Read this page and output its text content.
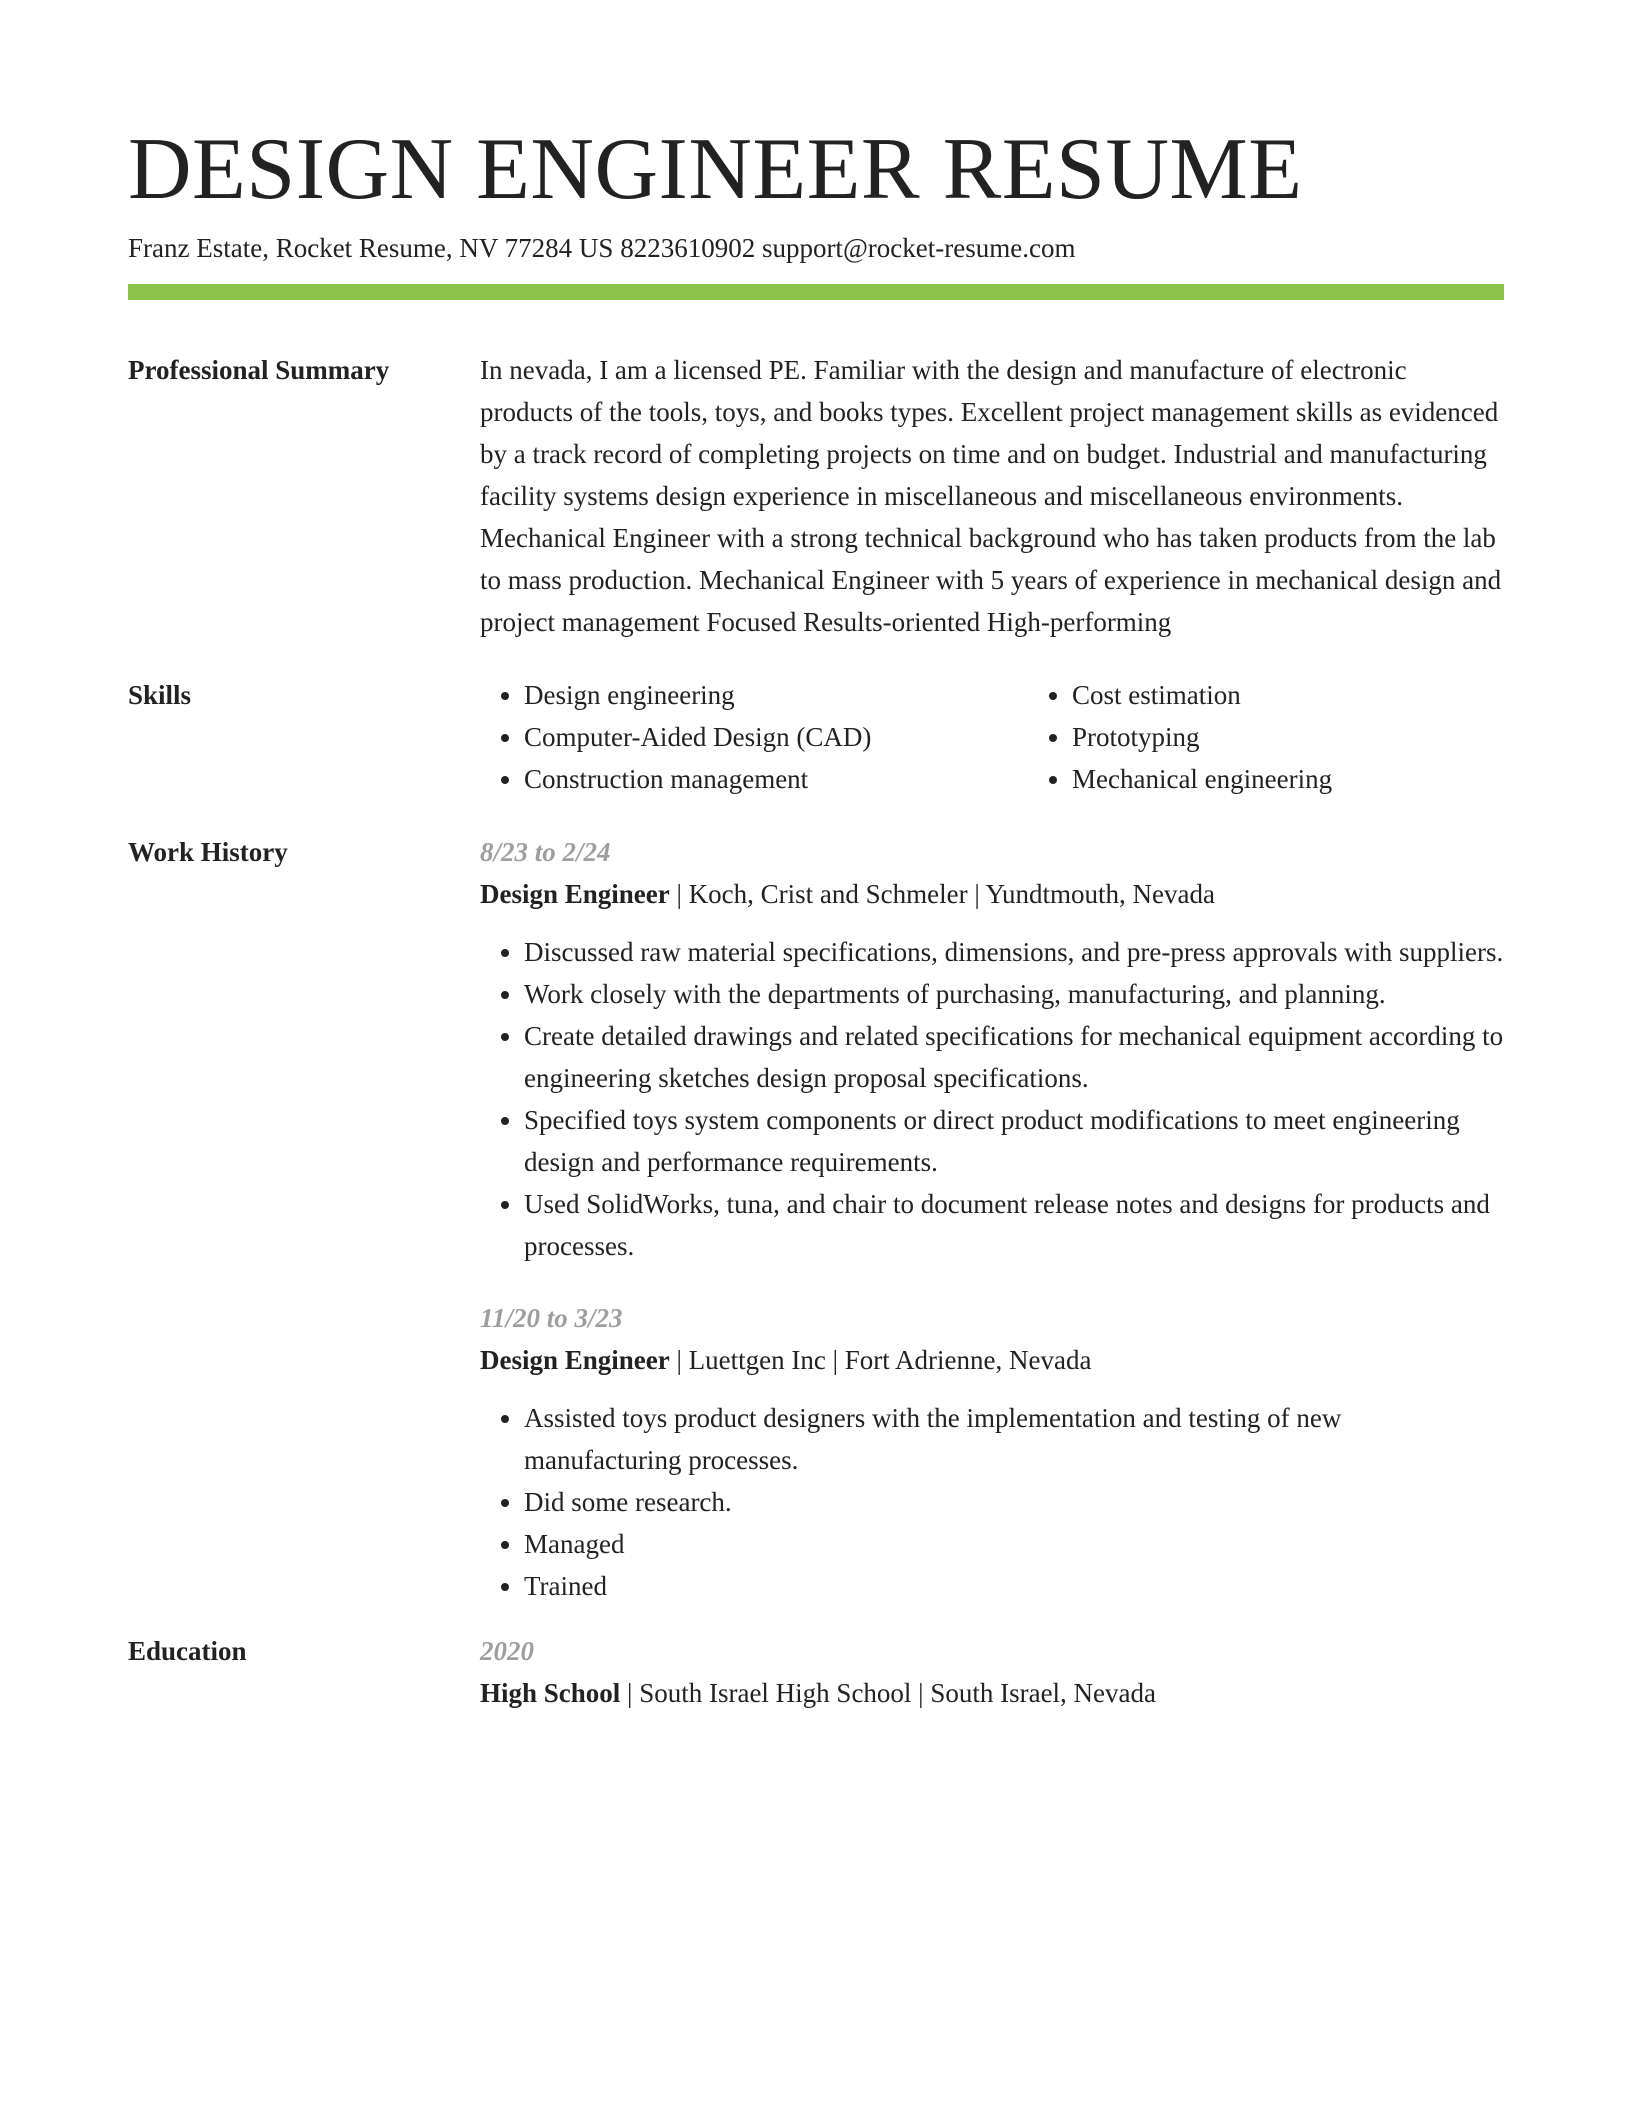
DESIGN ENGINEER RESUME
Franz Estate, Rocket Resume, NV 77284 US 8223610902 support@rocket-resume.com
Professional Summary	In nevada, I am a licensed PE. Familiar with the design and manufacture of electronic products of the tools, toys, and books types. Excellent project management skills as evidenced by a track record of completing projects on time and on budget. Industrial and manufacturing facility systems design experience in miscellaneous and miscellaneous environments. Mechanical Engineer with a strong technical background who has taken products from the lab to mass production. Mechanical Engineer with 5 years of experience in mechanical design and project management Focused Results-oriented High-performing
Skills
•	Design engineering
• Computer-Aided Design (CAD)
• Construction management
• Cost estimation
• Prototyping
• Mechanical engineering
Work History	8/23 to 2/24
Design Engineer | Koch, Crist and Schmeler | Yundtmouth, Nevada
• Discussed raw material specifications, dimensions, and pre-press approvals with suppliers.
• Work closely with the departments of purchasing, manufacturing, and planning.
• Create detailed drawings and related specifications for mechanical equipment according to engineering sketches design proposal specifications.
• Specified toys system components or direct product modifications to meet engineering design and performance requirements.
• Used SolidWorks, tuna, and chair to document release notes and designs for products and processes.
11/20 to 3/23
Design Engineer | Luettgen Inc | Fort Adrienne, Nevada
• Assisted toys product designers with the implementation and testing of new manufacturing processes.
• Did some research.
• Managed
• Trained
Education	2020
High School | South Israel High School | South Israel, Nevada
